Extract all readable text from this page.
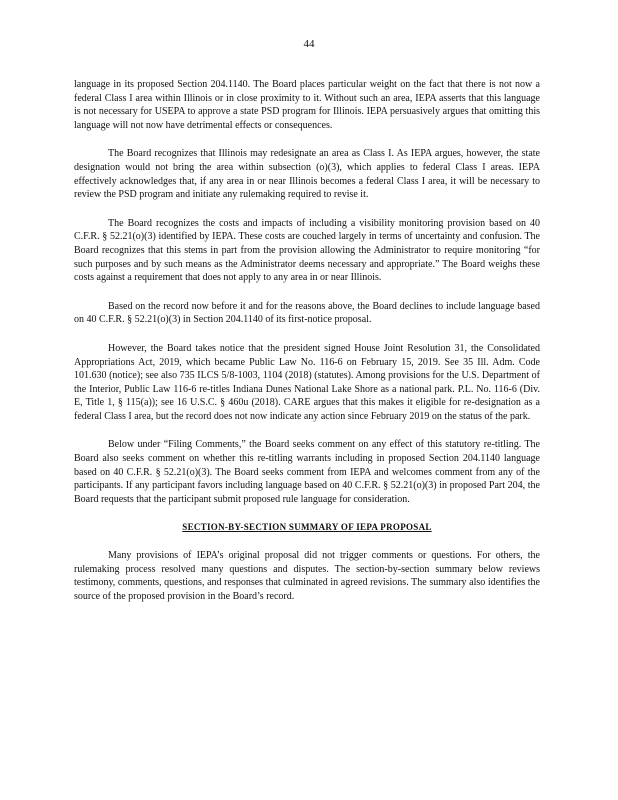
44

language in its proposed Section 204.1140. The Board places particular weight on the fact that there is not now a federal Class I area within Illinois or in close proximity to it. Without such an area, IEPA asserts that this language is not necessary for USEPA to approve a state PSD program for Illinois. IEPA persuasively argues that omitting this language will not now have detrimental effects or consequences.

The Board recognizes that Illinois may redesignate an area as Class I. As IEPA argues, however, the state designation would not bring the area within subsection (o)(3), which applies to federal Class I areas. IEPA effectively acknowledges that, if any area in or near Illinois becomes a federal Class I area, it will be necessary to review the PSD program and initiate any rulemaking required to revise it.

The Board recognizes the costs and impacts of including a visibility monitoring provision based on 40 C.F.R. § 52.21(o)(3) identified by IEPA. These costs are couched largely in terms of uncertainty and confusion. The Board recognizes that this stems in part from the provision allowing the Administrator to require monitoring “for such purposes and by such means as the Administrator deems necessary and appropriate.” The Board weighs these costs against a requirement that does not apply to any area in or near Illinois.

Based on the record now before it and for the reasons above, the Board declines to include language based on 40 C.F.R. § 52.21(o)(3) in Section 204.1140 of its first-notice proposal.

However, the Board takes notice that the president signed House Joint Resolution 31, the Consolidated Appropriations Act, 2019, which became Public Law No. 116-6 on February 15, 2019. See 35 Ill. Adm. Code 101.630 (notice); see also 735 ILCS 5/8-1003, 1104 (2018) (statutes). Among provisions for the U.S. Department of the Interior, Public Law 116-6 re-titles Indiana Dunes National Lake Shore as a national park. P.L. No. 116-6 (Div. E, Title 1, § 115(a)); see 16 U.S.C. § 460u (2018). CARE argues that this makes it eligible for re-designation as a federal Class I area, but the record does not now indicate any action since February 2019 on the status of the park.

Below under “Filing Comments,” the Board seeks comment on any effect of this statutory re-titling. The Board also seeks comment on whether this re-titling warrants including in proposed Section 204.1140 language based on 40 C.F.R. § 52.21(o)(3). The Board seeks comment from IEPA and welcomes comment from any of the participants. If any participant favors including language based on 40 C.F.R. § 52.21(o)(3) in proposed Part 204, the Board requests that the participant submit proposed rule language for consideration.

SECTION-BY-SECTION SUMMARY OF IEPA PROPOSAL

Many provisions of IEPA’s original proposal did not trigger comments or questions. For others, the rulemaking process resolved many questions and disputes. The section-by-section summary below reviews testimony, comments, questions, and responses that culminated in agreed revisions. The summary also identifies the source of the proposed provision in the Board’s record.
